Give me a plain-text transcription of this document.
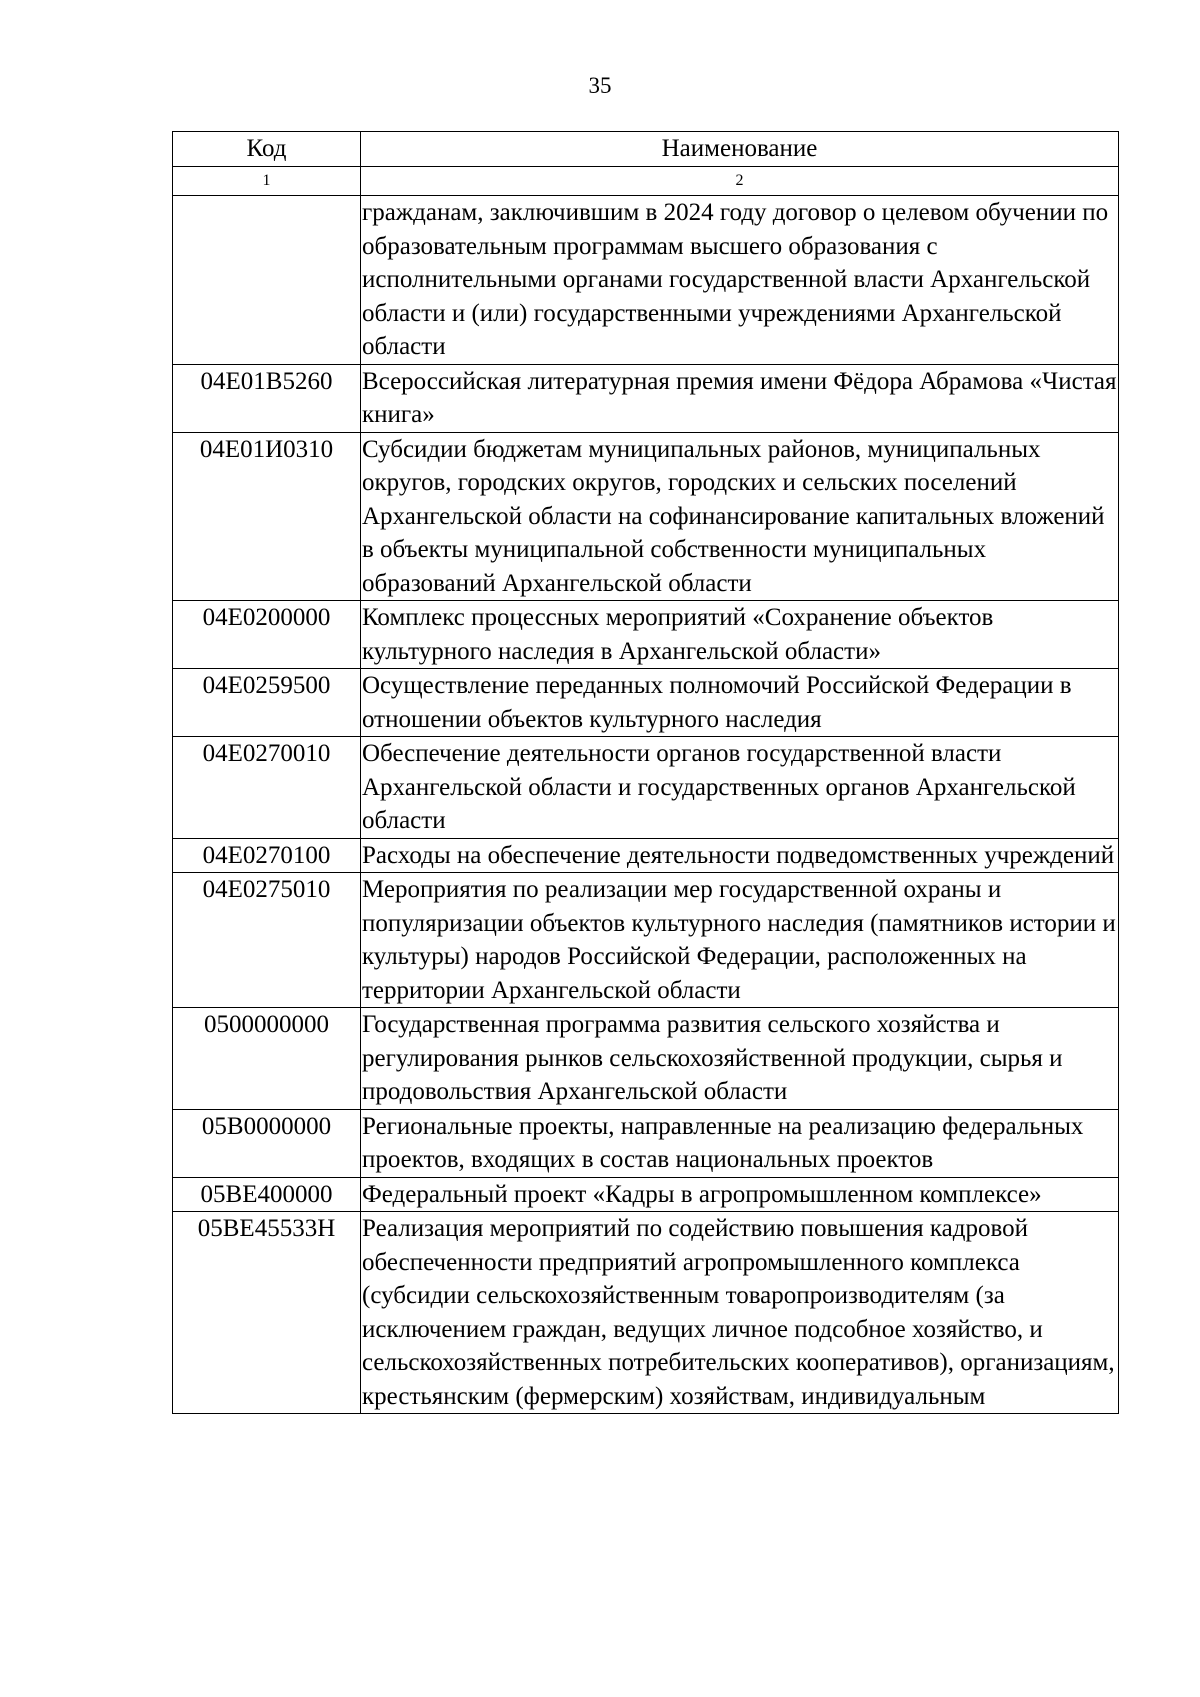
35
Код	Наименование
1	2
	гражданам, заключившим в 2024 году договор о целевом обучении по образовательным программам высшего образования с исполнительными органами государственной власти Архангельской области и (или) государственными учреждениями Архангельской области
04Е01В5260	Всероссийская литературная премия имени Фёдора Абрамова «Чистая книга»
04Е01И0310	Субсидии бюджетам муниципальных районов, муниципальных округов, городских округов, городских и сельских поселений Архангельской области на софинансирование капитальных вложений в объекты муниципальной собственности муниципальных образований Архангельской области
04Е0200000	Комплекс процессных мероприятий «Сохранение объектов культурного наследия в Архангельской области»
04Е0259500	Осуществление переданных полномочий Российской Федерации в отношении объектов культурного наследия
04Е0270010	Обеспечение деятельности органов государственной власти Архангельской области и государственных органов Архангельской области
04Е0270100	Расходы на обеспечение деятельности подведомственных учреждений
04Е0275010	Мероприятия по реализации мер государственной охраны и популяризации объектов культурного наследия (памятников истории и культуры) народов Российской Федерации, расположенных на территории Архангельской области
0500000000	Государственная программа развития сельского хозяйства и регулирования рынков сельскохозяйственной продукции, сырья и продовольствия Архангельской области
05В0000000	Региональные проекты, направленные на реализацию федеральных проектов, входящих в состав национальных проектов
05ВЕ400000	Федеральный проект «Кадры в агропромышленном комплексе»
05ВЕ45533Н	Реализация мероприятий по содействию повышения кадровой обеспеченности предприятий агропромышленного комплекса (субсидии сельскохозяйственным товаропроизводителям (за исключением граждан, ведущих личное подсобное хозяйство, и сельскохозяйственных потребительских кооперативов), организациям, крестьянским (фермерским) хозяйствам, индивидуальным
